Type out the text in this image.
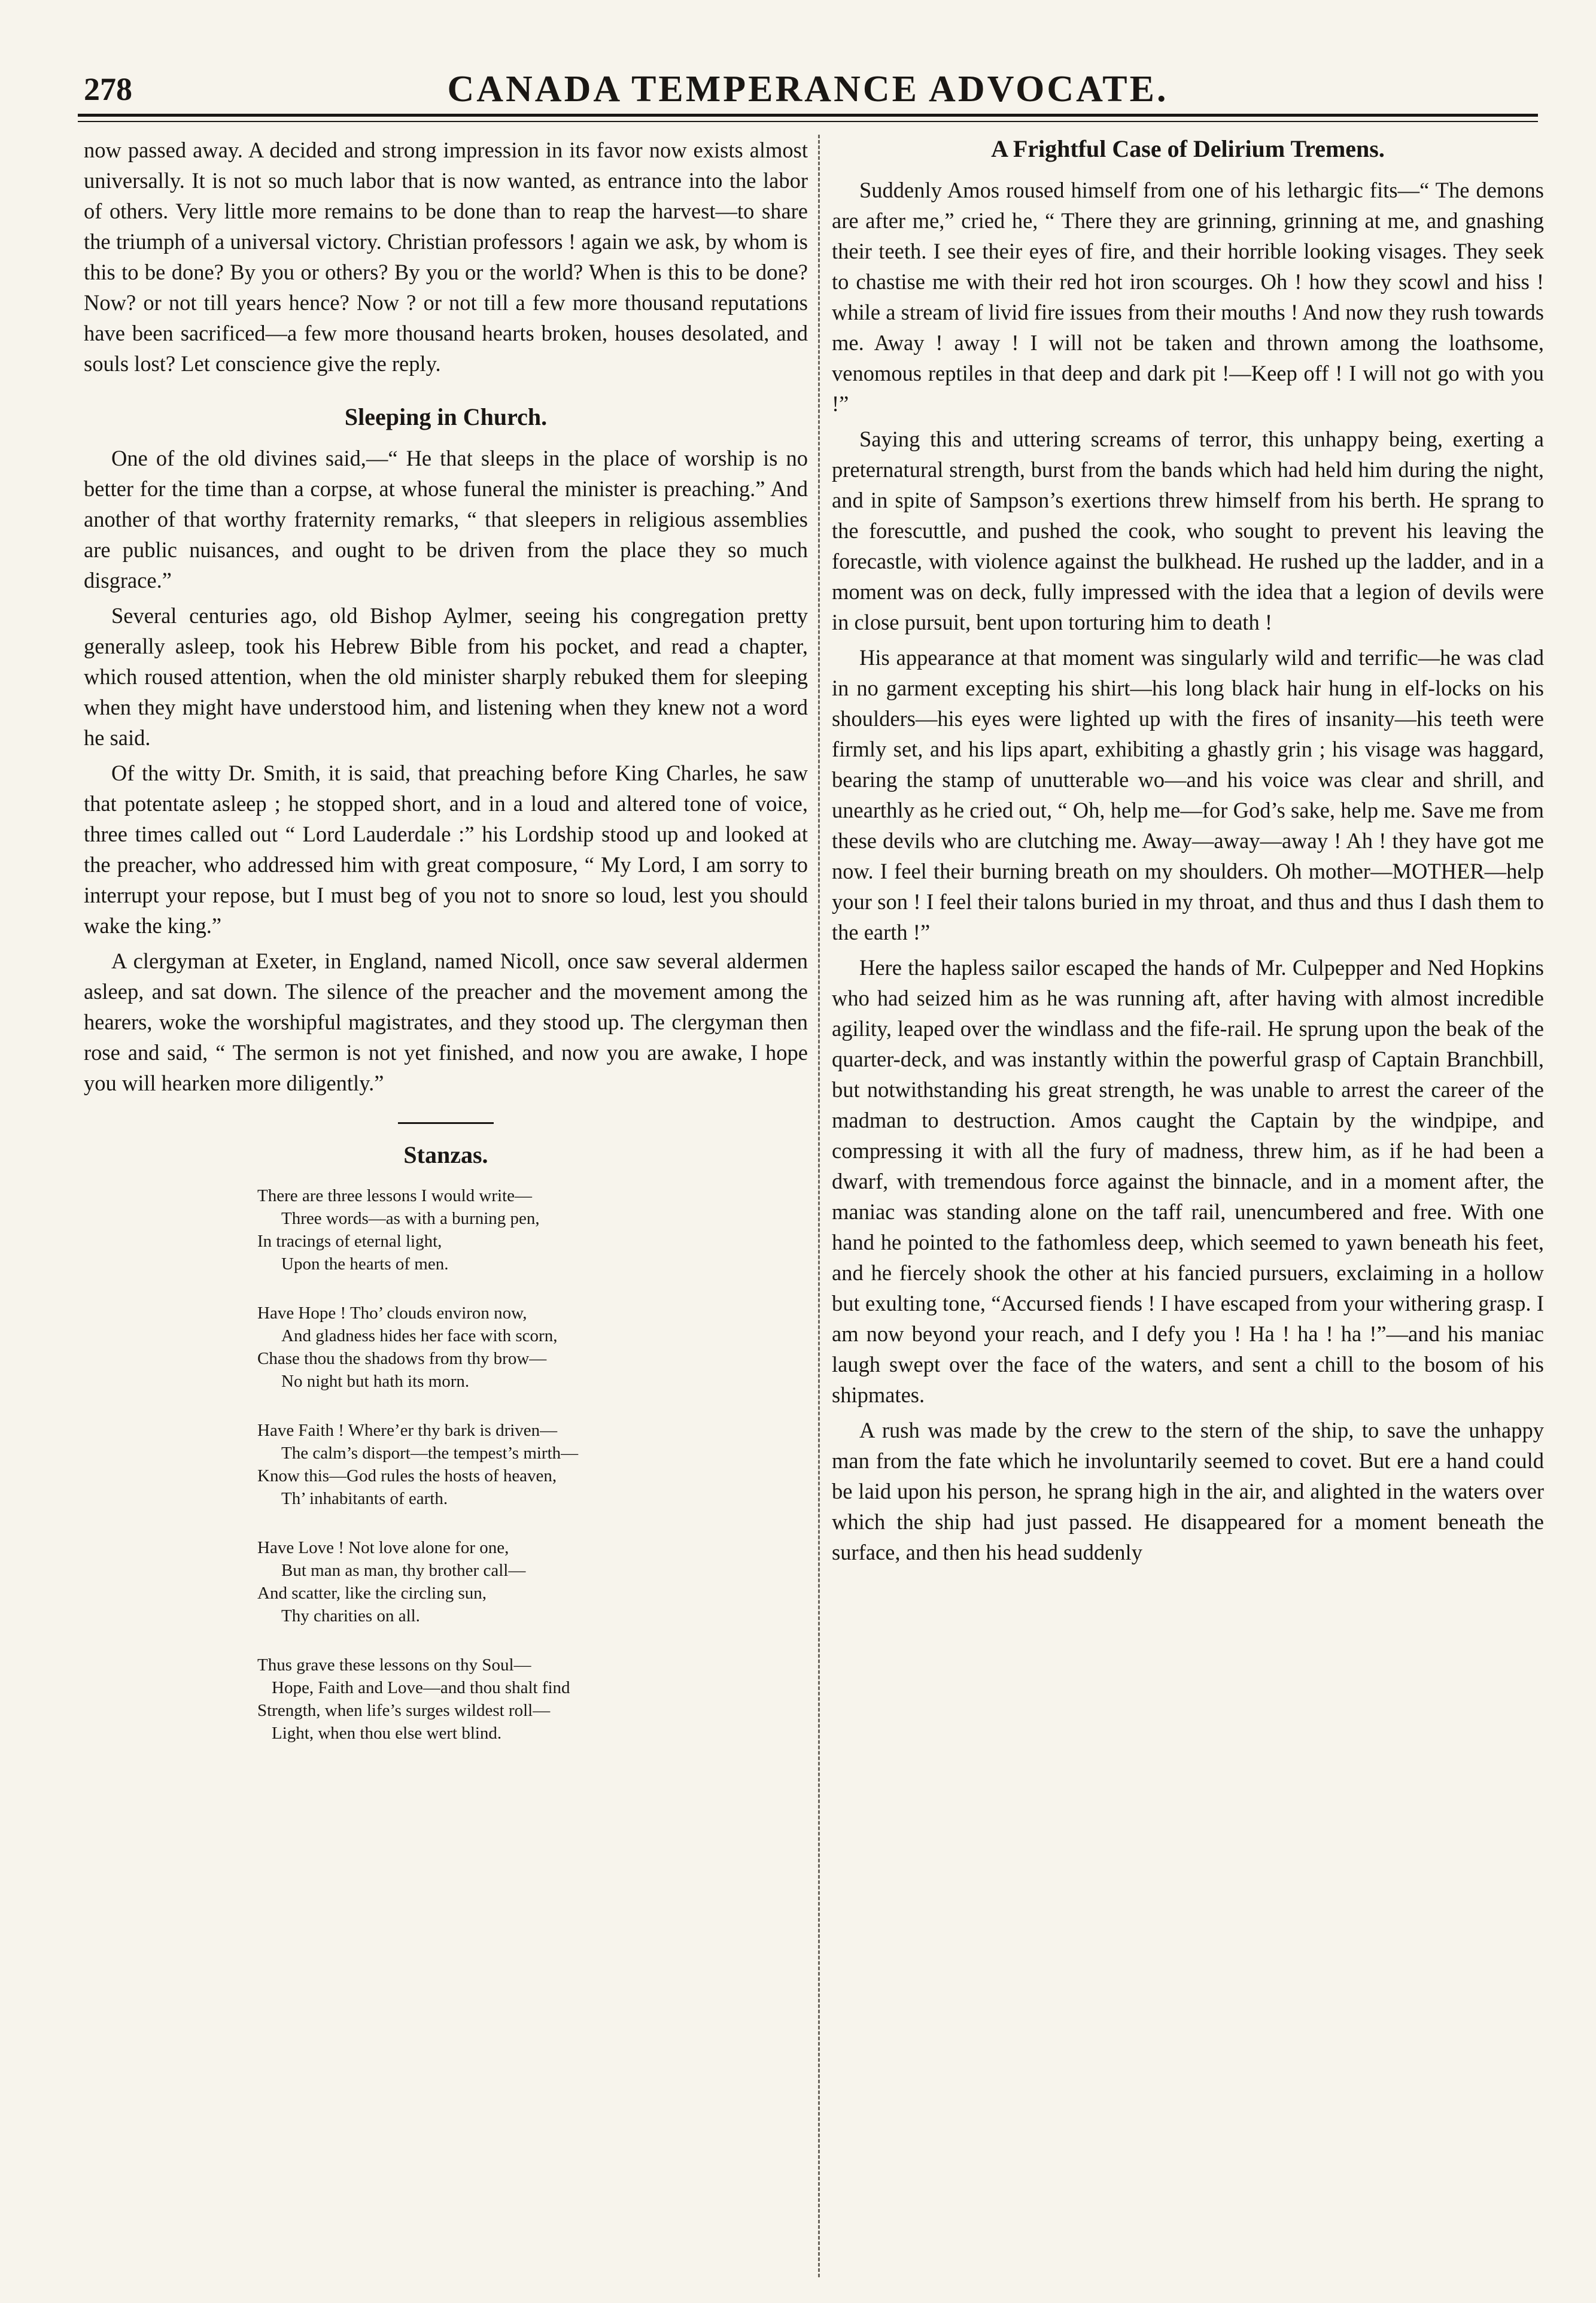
278	CANADA TEMPERANCE ADVOCATE.

now passed away. A decided and strong impression in its favor now exists almost universally. It is not so much labor that is now wanted, as entrance into the labor of others. Very little more remains to be done than to reap the harvest—to share the triumph of a universal victory. Christian professors ! again we ask, by whom is this to be done? By you or others? By you or the world? When is this to be done? Now? or not till years hence? Now ? or not till a few more thousand reputations have been sacrificed—a few more thousand hearts broken, houses desolated, and souls lost? Let conscience give the reply.

Sleeping in Church.

One of the old divines said,—“ He that sleeps in the place of worship is no better for the time than a corpse, at whose funeral the minister is preaching.” And another of that worthy fraternity remarks, “ that sleepers in religious assemblies are public nuisances, and ought to be driven from the place they so much disgrace.”

Several centuries ago, old Bishop Aylmer, seeing his congregation pretty generally asleep, took his Hebrew Bible from his pocket, and read a chapter, which roused attention, when the old minister sharply rebuked them for sleeping when they might have understood him, and listening when they knew not a word he said.

Of the witty Dr. Smith, it is said, that preaching before King Charles, he saw that potentate asleep ; he stopped short, and in a loud and altered tone of voice, three times called out “ Lord Lauderdale :” his Lordship stood up and looked at the preacher, who addressed him with great composure, “ My Lord, I am sorry to interrupt your repose, but I must beg of you not to snore so loud, lest you should wake the king.”

A clergyman at Exeter, in England, named Nicoll, once saw several aldermen asleep, and sat down. The silence of the preacher and the movement among the hearers, woke the worshipful magistrates, and they stood up. The clergyman then rose and said, “ The sermon is not yet finished, and now you are awake, I hope you will hearken more diligently.”

Stanzas.
There are three lessons I would write—
Three words—as with a burning pen,
In tracings of eternal light,
Upon the hearts of men.
Have Hope ! Tho’ clouds environ now,
And gladness hides her face with scorn,
Chase thou the shadows from thy brow—
No night but hath its morn.
Have Faith ! Where’er thy bark is driven—
The calm’s disport—the tempest’s mirth—
Know this—God rules the hosts of heaven,
Th’ inhabitants of earth.
Have Love ! Not love alone for one,
But man as man, thy brother call—
And scatter, like the circling sun,
Thy charities on all.
Thus grave these lessons on thy Soul—
Hope, Faith and Love—and thou shalt find
Strength, when life’s surges wildest roll—
Light, when thou else wert blind.
A Frightful Case of Delirium Tremens.

Suddenly Amos roused himself from one of his lethargic fits—“ The demons are after me,” cried he, “ There they are grinning, grinning at me, and gnashing their teeth. I see their eyes of fire, and their horrible looking visages. They seek to chastise me with their red hot iron scourges. Oh ! how they scowl and hiss ! while a stream of livid fire issues from their mouths ! And now they rush towards me. Away ! away ! I will not be taken and thrown among the loathsome, venomous reptiles in that deep and dark pit !—Keep off ! I will not go with you !”

Saying this and uttering screams of terror, this unhappy being, exerting a preternatural strength, burst from the bands which had held him during the night, and in spite of Sampson’s exertions threw himself from his berth. He sprang to the forescuttle, and pushed the cook, who sought to prevent his leaving the forecastle, with violence against the bulkhead. He rushed up the ladder, and in a moment was on deck, fully impressed with the idea that a legion of devils were in close pursuit, bent upon torturing him to death !

His appearance at that moment was singularly wild and terrific—he was clad in no garment excepting his shirt—his long black hair hung in elf-locks on his shoulders—his eyes were lighted up with the fires of insanity—his teeth were firmly set, and his lips apart, exhibiting a ghastly grin ; his visage was haggard, bearing the stamp of unutterable wo—and his voice was clear and shrill, and unearthly as he cried out, “ Oh, help me—for God’s sake, help me. Save me from these devils who are clutching me. Away—away—away ! Ah ! they have got me now. I feel their burning breath on my shoulders. Oh mother—MOTHER—help your son ! I feel their talons buried in my throat, and thus and thus I dash them to the earth !”

Here the hapless sailor escaped the hands of Mr. Culpepper and Ned Hopkins who had seized him as he was running aft, after having with almost incredible agility, leaped over the windlass and the fife-rail. He sprung upon the beak of the quarter-deck, and was instantly within the powerful grasp of Captain Branchbill, but notwithstanding his great strength, he was unable to arrest the career of the madman to destruction. Amos caught the Captain by the windpipe, and compressing it with all the fury of madness, threw him, as if he had been a dwarf, with tremendous force against the binnacle, and in a moment after, the maniac was standing alone on the taff rail, unencumbered and free. With one hand he pointed to the fathomless deep, which seemed to yawn beneath his feet, and he fiercely shook the other at his fancied pursuers, exclaiming in a hollow but exulting tone, “Accursed fiends ! I have escaped from your withering grasp. I am now beyond your reach, and I defy you ! Ha ! ha ! ha !”—and his maniac laugh swept over the face of the waters, and sent a chill to the bosom of his shipmates.

A rush was made by the crew to the stern of the ship, to save the unhappy man from the fate which he involuntarily seemed to covet. But ere a hand could be laid upon his person, he sprang high in the air, and alighted in the waters over which the ship had just passed. He disappeared for a moment beneath the surface, and then his head suddenly
